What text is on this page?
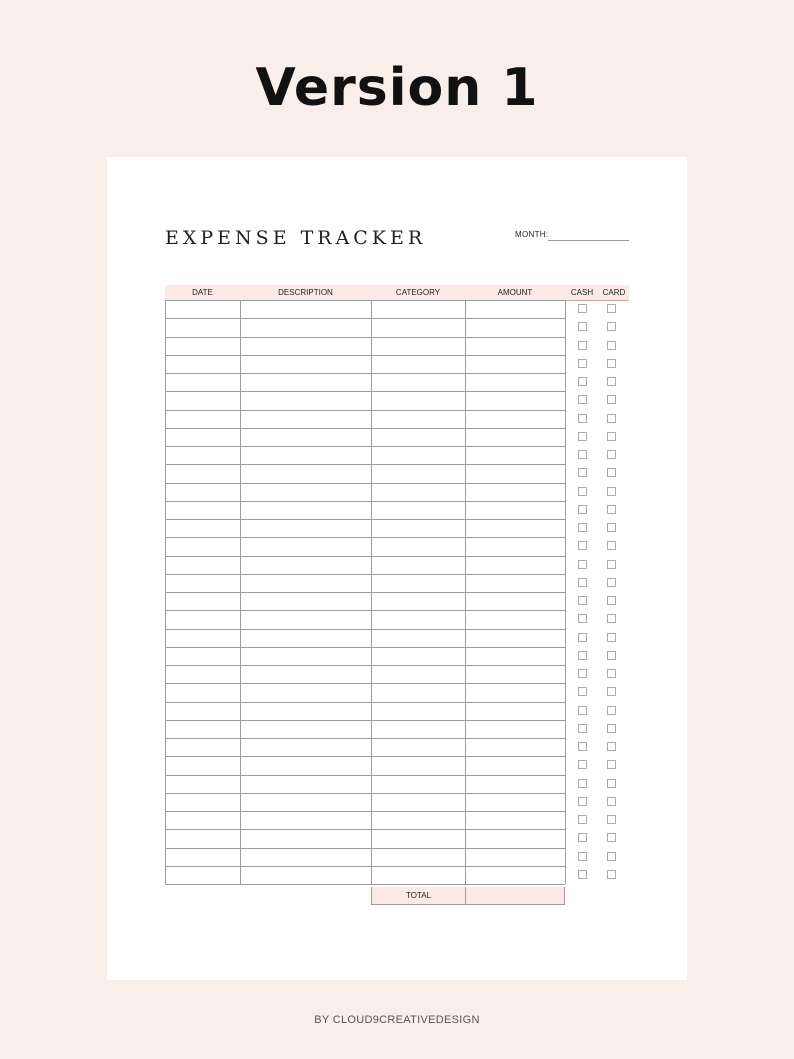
Version 1
EXPENSE TRACKER	MONTH:
DATE	DESCRIPTION	CATEGORY	AMOUNT	CASH	CARD
TOTAL
BY CLOUD9CREATIVEDESIGN
